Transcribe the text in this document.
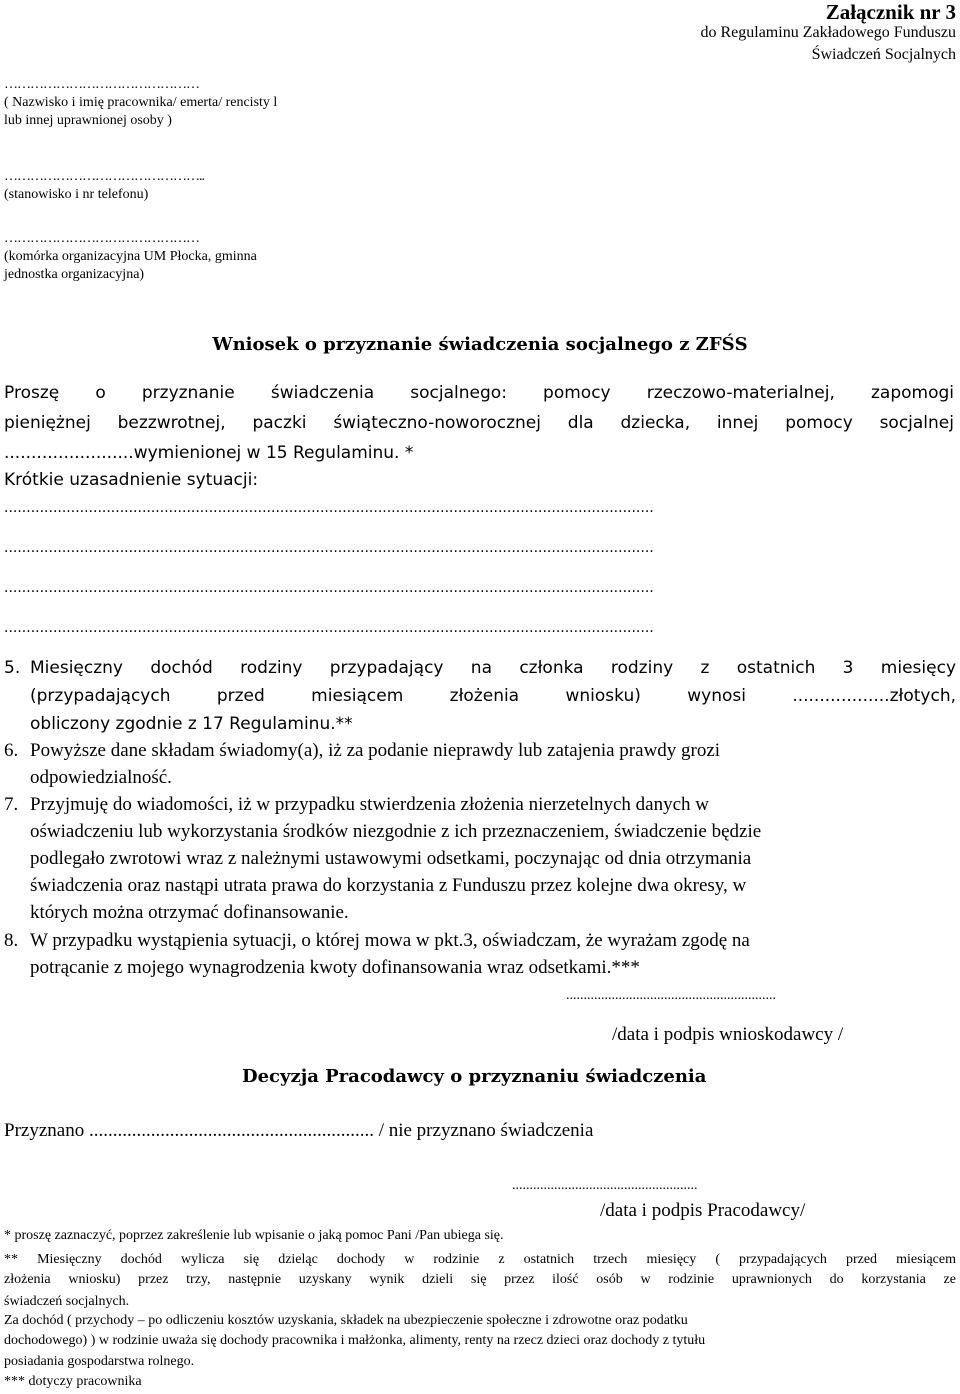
Załącznik nr 3
do Regulaminu Zakładowego Funduszu
Świadczeń Socjalnych
………………………………………
( Nazwisko i imię pracownika/ emerta/ rencisty l
lub innej uprawnionej osoby )
………………………………………..
(stanowisko i nr telefonu)
………………………………………
(komórka organizacyjna UM Płocka, gminna
jednostka organizacyjna)
Wniosek o przyznanie świadczenia socjalnego z ZFŚS
Proszę o przyznanie świadczenia socjalnego: pomocy rzeczowo-materialnej, zapomogi
pieniężnej bezzwrotnej, paczki świąteczno-noworocznej dla dziecka, innej pomocy socjalnej
........................wymienionej w 15 Regulaminu. *
Krótkie uzasadnienie sytuacji:
..................................................................................................................................................
..................................................................................................................................................
..................................................................................................................................................
..................................................................................................................................................
5. Miesięczny dochód rodziny przypadający na członka rodziny z ostatnich 3 miesięcy
(przypadających przed miesiącem złożenia wniosku) wynosi ..................złotych,
obliczony zgodnie z 17 Regulaminu.**
6. Powyższe dane składam świadomy(a), iż za podanie nieprawdy lub zatajenia prawdy grozi
odpowiedzialność.
7. Przyjmuję do wiadomości, iż w przypadku stwierdzenia złożenia nierzetelnych danych w
oświadczeniu lub wykorzystania środków niezgodnie z ich przeznaczeniem, świadczenie będzie
podlegało zwrotowi wraz z należnymi ustawowymi odsetkami, poczynając od dnia otrzymania
świadczenia oraz nastąpi utrata prawa do korzystania z Funduszu przez kolejne dwa okresy, w
których można otrzymać dofinansowanie.
8. W przypadku wystąpienia sytuacji, o której mowa w pkt.3, oświadczam, że wyrażam zgodę na
potrącanie z mojego wynagrodzenia kwoty dofinansowania wraz odsetkami.***
............................................................
/data i podpis wnioskodawcy /
Decyzja Pracodawcy o przyznaniu świadczenia
Przyznano ............................................................ / nie przyznano świadczenia
.....................................................
/data i podpis Pracodawcy/
* proszę zaznaczyć, poprzez zakreślenie lub wpisanie o jaką pomoc Pani /Pan ubiega się.
** Miesięczny dochód wylicza się dzieląc dochody w rodzinie z ostatnich trzech miesięcy ( przypadających przed miesiącem
złożenia wniosku) przez trzy, następnie uzyskany wynik dzieli się przez ilość osób w rodzinie uprawnionych do korzystania ze
świadczeń socjalnych.
Za dochód ( przychody – po odliczeniu kosztów uzyskania, składek na ubezpieczenie społeczne i zdrowotne oraz podatku
dochodowego) ) w rodzinie uważa się dochody pracownika i małżonka, alimenty, renty na rzecz dzieci oraz dochody z tytułu
posiadania gospodarstwa rolnego.
*** dotyczy pracownika
